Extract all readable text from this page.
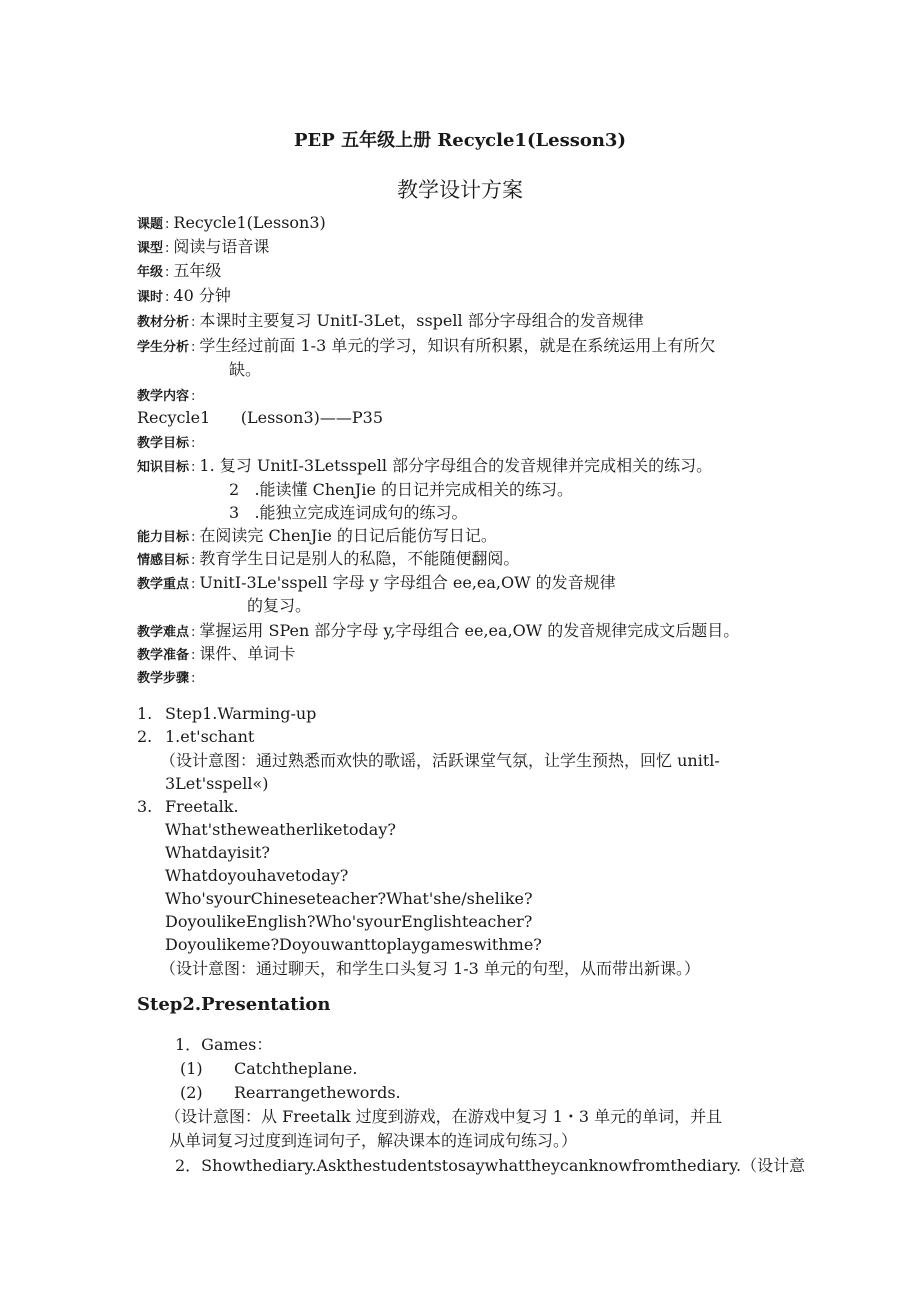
PEP 五年级上册 Recycle1(Lesson3)
教学设计方案
课题 : Recycle1(Lesson3)
课型 : 阅读与语音课
年级 : 五年级
课时 : 40 分钟
教材分析 : 本课时主要复习 UnitI-3Let，sspell 部分字母组合的发音规律
学生分析 : 学生经过前面 1-3 单元的学习，知识有所积累，就是在系统运用上有所欠
缺。
教学内容 :
Recycle1      (Lesson3)——P35
教学目标 :
知识目标 : 1. 复习 UnitI-3Letsspell 部分字母组合的发音规律并完成相关的练习。
2   .能读懂 ChenJie 的日记并完成相关的练习。
3   .能独立完成连词成句的练习。
能力目标 : 在阅读完 ChenJie 的日记后能仿写日记。
情感目标 : 教育学生日记是别人的私隐，不能随便翻阅。
教学重点 : UnitI-3Le'sspell 字母 y 字母组合 ee,ea,OW 的发音规律
的复习。
教学难点 : 掌握运用 SPen 部分字母 y,字母组合 ee,ea,OW 的发音规律完成文后题目。
教学准备 : 课件、单词卡
教学步骤 :
1. Step1.Warming-up
2. 1.et'schant
（设计意图：通过熟悉而欢快的歌谣，活跃课堂气氛，让学生预热，回忆 unitl-
3Let'sspell«)
3. Freetalk.
What'stheweatherliketoday?
Whatdayisit?
Whatdoyouhavetoday?
Who'syourChineseteacher?What'she/shelike?
DoyoulikeEnglish?Who'syourEnglishteacher?
Doyoulikeme?Doyouwanttoplaygameswithme?
（设计意图：通过聊天，和学生口头复习 1-3 单元的句型，从而带出新课。）
Step2.Presentation
1．Games：
(1) Catchtheplane.
(2) Rearrangethewords.
（设计意图：从 Freetalk 过度到游戏，在游戏中复习 1・3 单元的单词，并且
从单词复习过度到连词句子，解决课本的连词成句练习。）
2．Showthediary.Askthestudentstosaywhattheycanknowfromthediary.（设计意
